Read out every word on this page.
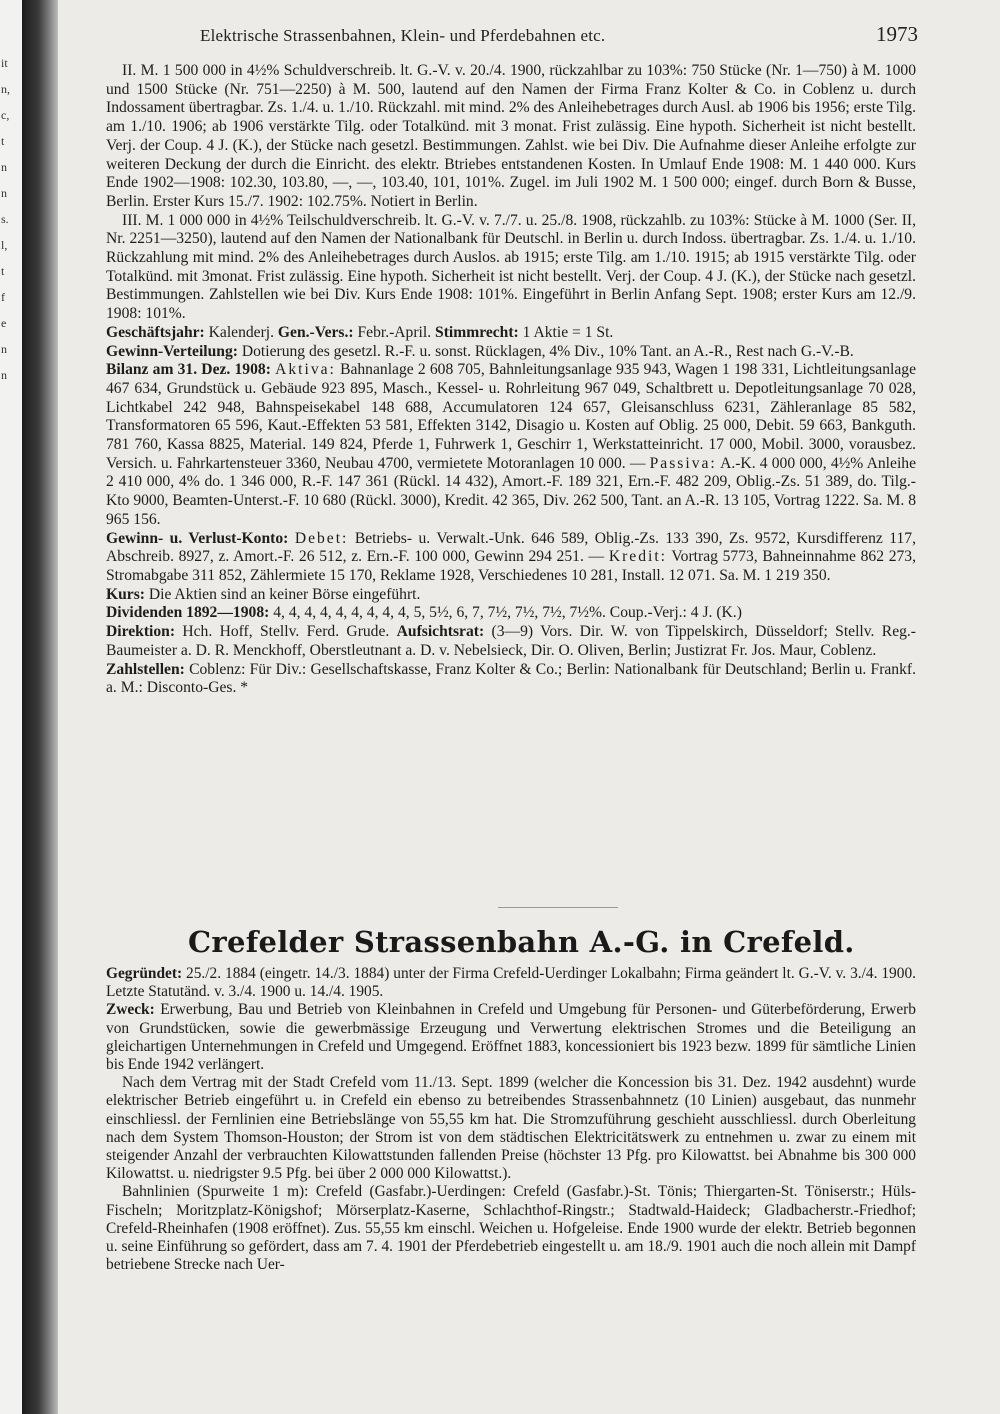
it
n,
c,
t
n
n
s.
l,
t
f
e
n
n
Elektrische Strassenbahnen, Klein- und Pferdebahnen etc.	1973

II. M. 1 500 000 in 4½% Schuldverschreib. lt. G.-V. v. 20./4. 1900, rückzahlbar zu 103%: 750 Stücke (Nr. 1—750) à M. 1000 und 1500 Stücke (Nr. 751—2250) à M. 500, lautend auf den Namen der Firma Franz Kolter & Co. in Coblenz u. durch Indossament übertragbar. Zs. 1./4. u. 1./10. Rückzahl. mit mind. 2% des Anleihebetrages durch Ausl. ab 1906 bis 1956; erste Tilg. am 1./10. 1906; ab 1906 verstärkte Tilg. oder Totalkünd. mit 3 monat. Frist zulässig. Eine hypoth. Sicherheit ist nicht bestellt. Verj. der Coup. 4 J. (K.), der Stücke nach gesetzl. Bestimmungen. Zahlst. wie bei Div. Die Aufnahme dieser Anleihe erfolgte zur weiteren Deckung der durch die Einricht. des elektr. Btriebes entstandenen Kosten. In Umlauf Ende 1908: M. 1 440 000. Kurs Ende 1902—1908: 102.30, 103.80, —, —, 103.40, 101, 101%. Zugel. im Juli 1902 M. 1 500 000; eingef. durch Born & Busse, Berlin. Erster Kurs 15./7. 1902: 102.75%. Notiert in Berlin.

III. M. 1 000 000 in 4½% Teilschuldverschreib. lt. G.-V. v. 7./7. u. 25./8. 1908, rückzahlb. zu 103%: Stücke à M. 1000 (Ser. II, Nr. 2251—3250), lautend auf den Namen der Nationalbank für Deutschl. in Berlin u. durch Indoss. übertragbar. Zs. 1./4. u. 1./10. Rückzahlung mit mind. 2% des Anleihebetrages durch Auslos. ab 1915; erste Tilg. am 1./10. 1915; ab 1915 verstärkte Tilg. oder Totalkünd. mit 3monat. Frist zulässig. Eine hypoth. Sicherheit ist nicht bestellt. Verj. der Coup. 4 J. (K.), der Stücke nach gesetzl. Bestimmungen. Zahlstellen wie bei Div. Kurs Ende 1908: 101%. Eingeführt in Berlin Anfang Sept. 1908; erster Kurs am 12./9. 1908: 101%.

Geschäftsjahr: Kalenderj. Gen.-Vers.: Febr.-April. Stimmrecht: 1 Aktie = 1 St.

Gewinn-Verteilung: Dotierung des gesetzl. R.-F. u. sonst. Rücklagen, 4% Div., 10% Tant. an A.-R., Rest nach G.-V.-B.

Bilanz am 31. Dez. 1908: Aktiva: Bahnanlage 2 608 705, Bahnleitungsanlage 935 943, Wagen 1 198 331, Lichtleitungsanlage 467 634, Grundstück u. Gebäude 923 895, Masch., Kessel- u. Rohrleitung 967 049, Schaltbrett u. Depotleitungsanlage 70 028, Lichtkabel 242 948, Bahnspeisekabel 148 688, Accumulatoren 124 657, Gleisanschluss 6231, Zähleranlage 85 582, Transformatoren 65 596, Kaut.-Effekten 53 581, Effekten 3142, Disagio u. Kosten auf Oblig. 25 000, Debit. 59 663, Bankguth. 781 760, Kassa 8825, Material. 149 824, Pferde 1, Fuhrwerk 1, Geschirr 1, Werkstatteinricht. 17 000, Mobil. 3000, vorausbez. Versich. u. Fahrkartensteuer 3360, Neubau 4700, vermietete Motoranlagen 10 000. — Passiva: A.-K. 4 000 000, 4½% Anleihe 2 410 000, 4% do. 1 346 000, R.-F. 147 361 (Rückl. 14 432), Amort.-F. 189 321, Ern.-F. 482 209, Oblig.-Zs. 51 389, do. Tilg.-Kto 9000, Beamten-Unterst.-F. 10 680 (Rückl. 3000), Kredit. 42 365, Div. 262 500, Tant. an A.-R. 13 105, Vortrag 1222. Sa. M. 8 965 156.

Gewinn- u. Verlust-Konto: Debet: Betriebs- u. Verwalt.-Unk. 646 589, Oblig.-Zs. 133 390, Zs. 9572, Kursdifferenz 117, Abschreib. 8927, z. Amort.-F. 26 512, z. Ern.-F. 100 000, Gewinn 294 251. — Kredit: Vortrag 5773, Bahneinnahme 862 273, Stromabgabe 311 852, Zählermiete 15 170, Reklame 1928, Verschiedenes 10 281, Install. 12 071. Sa. M. 1 219 350.

Kurs: Die Aktien sind an keiner Börse eingeführt.

Dividenden 1892—1908: 4, 4, 4, 4, 4, 4, 4, 4, 4, 5, 5½, 6, 7, 7½, 7½, 7½, 7½%. Coup.-Verj.: 4 J. (K.)

Direktion: Hch. Hoff, Stellv. Ferd. Grude. Aufsichtsrat: (3—9) Vors. Dir. W. von Tippelskirch, Düsseldorf; Stellv. Reg.-Baumeister a. D. R. Menckhoff, Oberstleutnant a. D. v. Nebelsieck, Dir. O. Oliven, Berlin; Justizrat Fr. Jos. Maur, Coblenz.

Zahlstellen: Coblenz: Für Div.: Gesellschaftskasse, Franz Kolter & Co.; Berlin: Nationalbank für Deutschland; Berlin u. Frankf. a. M.: Disconto-Ges. *

Crefelder Strassenbahn A.-G. in Crefeld.

Gegründet: 25./2. 1884 (eingetr. 14./3. 1884) unter der Firma Crefeld-Uerdinger Lokalbahn; Firma geändert lt. G.-V. v. 3./4. 1900. Letzte Statutänd. v. 3./4. 1900 u. 14./4. 1905.

Zweck: Erwerbung, Bau und Betrieb von Kleinbahnen in Crefeld und Umgebung für Personen- und Güterbeförderung, Erwerb von Grundstücken, sowie die gewerbmässige Erzeugung und Verwertung elektrischen Stromes und die Beteiligung an gleichartigen Unternehmungen in Crefeld und Umgegend. Eröffnet 1883, koncessioniert bis 1923 bezw. 1899 für sämtliche Linien bis Ende 1942 verlängert.

Nach dem Vertrag mit der Stadt Crefeld vom 11./13. Sept. 1899 (welcher die Koncession bis 31. Dez. 1942 ausdehnt) wurde elektrischer Betrieb eingeführt u. in Crefeld ein ebenso zu betreibendes Strassenbahnnetz (10 Linien) ausgebaut, das nunmehr einschliessl. der Fernlinien eine Betriebslänge von 55,55 km hat. Die Stromzuführung geschieht ausschliessl. durch Oberleitung nach dem System Thomson-Houston; der Strom ist von dem städtischen Elektricitätswerk zu entnehmen u. zwar zu einem mit steigender Anzahl der verbrauchten Kilowattstunden fallenden Preise (höchster 13 Pfg. pro Kilowattst. bei Abnahme bis 300 000 Kilowattst. u. niedrigster 9.5 Pfg. bei über 2 000 000 Kilowattst.).

Bahnlinien (Spurweite 1 m): Crefeld (Gasfabr.)-Uerdingen: Crefeld (Gasfabr.)-St. Tönis; Thiergarten-St. Töniserstr.; Hüls-Fischeln; Moritzplatz-Königshof; Mörserplatz-Kaserne, Schlachthof-Ringstr.; Stadtwald-Haideck; Gladbacherstr.-Friedhof; Crefeld-Rheinhafen (1908 eröffnet). Zus. 55,55 km einschl. Weichen u. Hofgeleise. Ende 1900 wurde der elektr. Betrieb begonnen u. seine Einführung so gefördert, dass am 7. 4. 1901 der Pferdebetrieb eingestellt u. am 18./9. 1901 auch die noch allein mit Dampf betriebene Strecke nach Uer-
